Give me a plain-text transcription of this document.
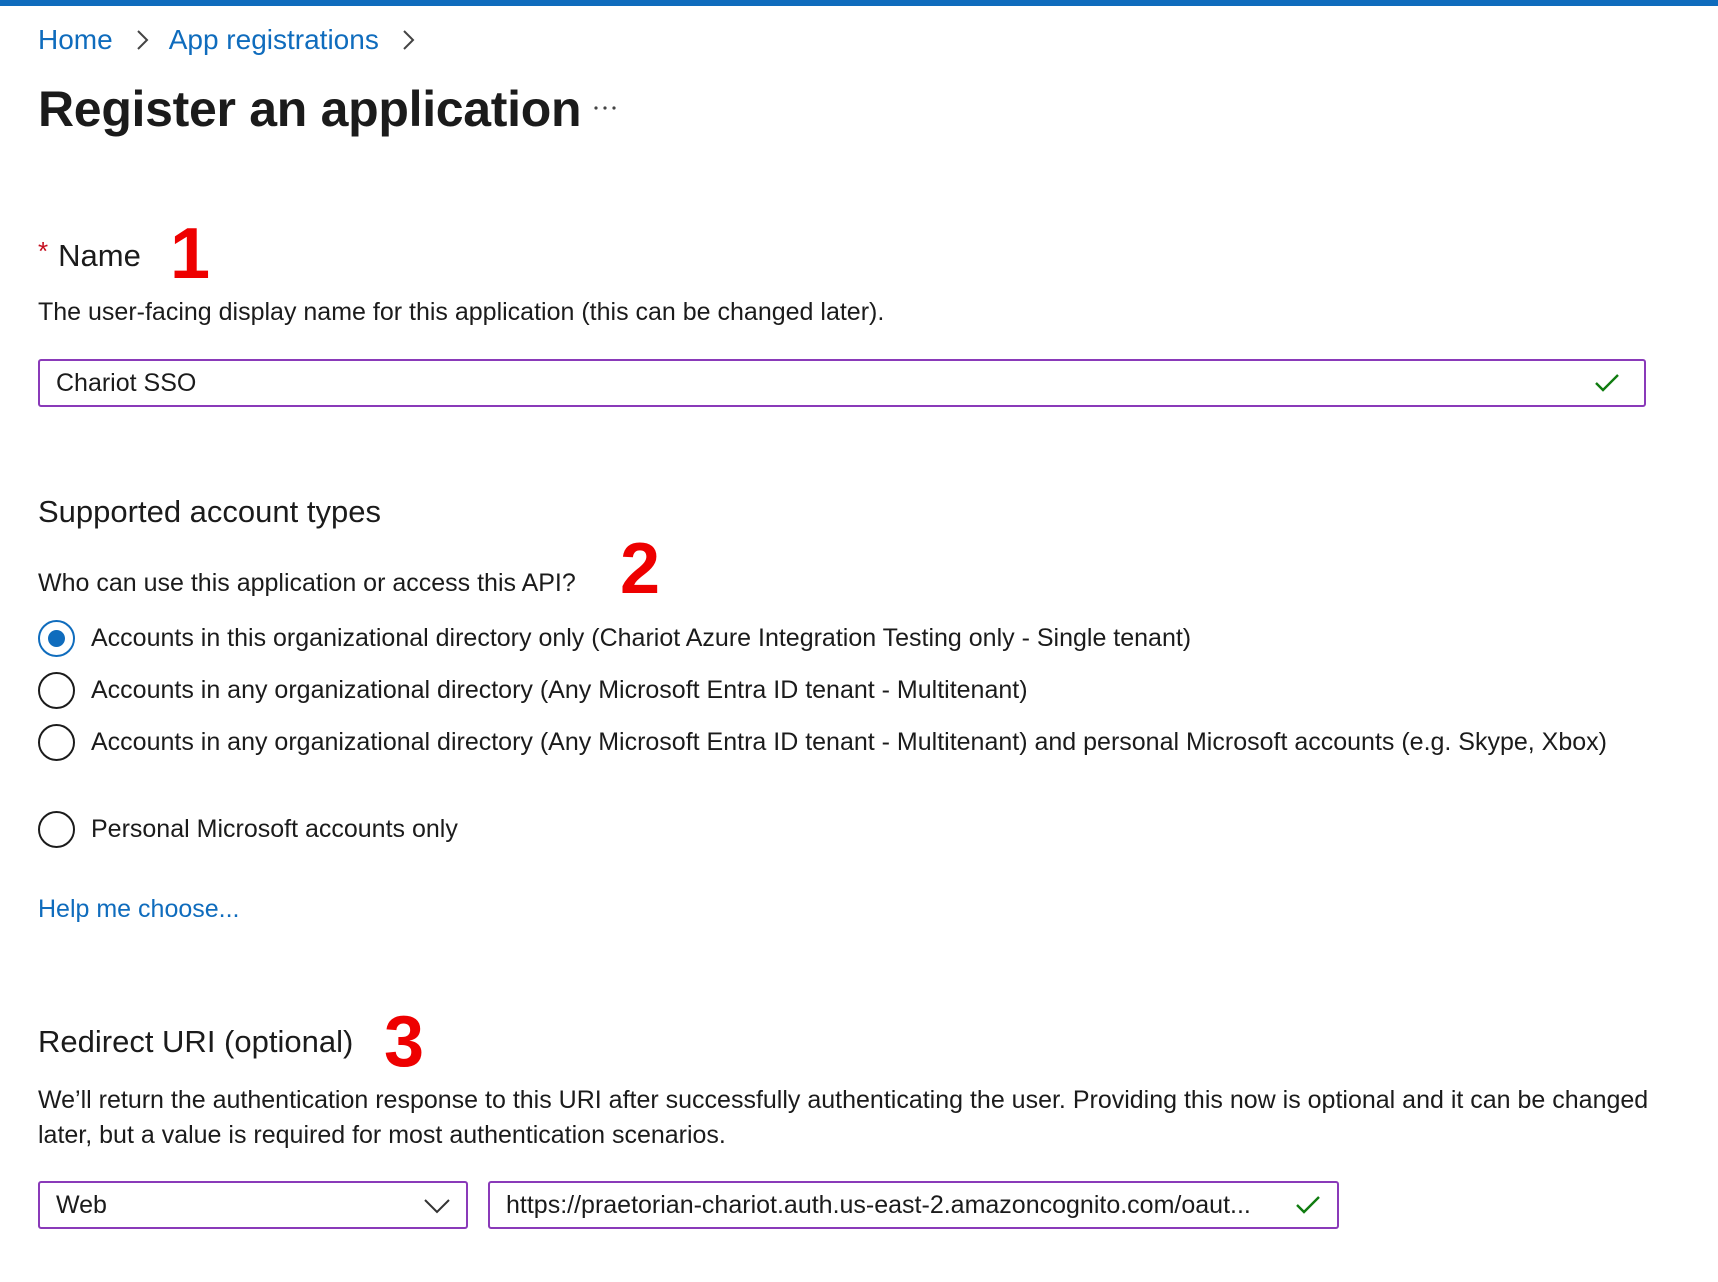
Home App registrations
Register an application
* Name 1
The user-facing display name for this application (this can be changed later).
Chariot SSO
Supported account types
Who can use this application or access this API? 2
Accounts in this organizational directory only (Chariot Azure Integration Testing only - Single tenant)
Accounts in any organizational directory (Any Microsoft Entra ID tenant - Multitenant)
Accounts in any organizational directory (Any Microsoft Entra ID tenant - Multitenant) and personal Microsoft accounts (e.g. Skype, Xbox)
Personal Microsoft accounts only
Help me choose...
Redirect URI (optional) 3
We’ll return the authentication response to this URI after successfully authenticating the user. Providing this now is optional and it can be changed later, but a value is required for most authentication scenarios.
Web	https://praetorian-chariot.auth.us-east-2.amazoncognito.com/oaut...
